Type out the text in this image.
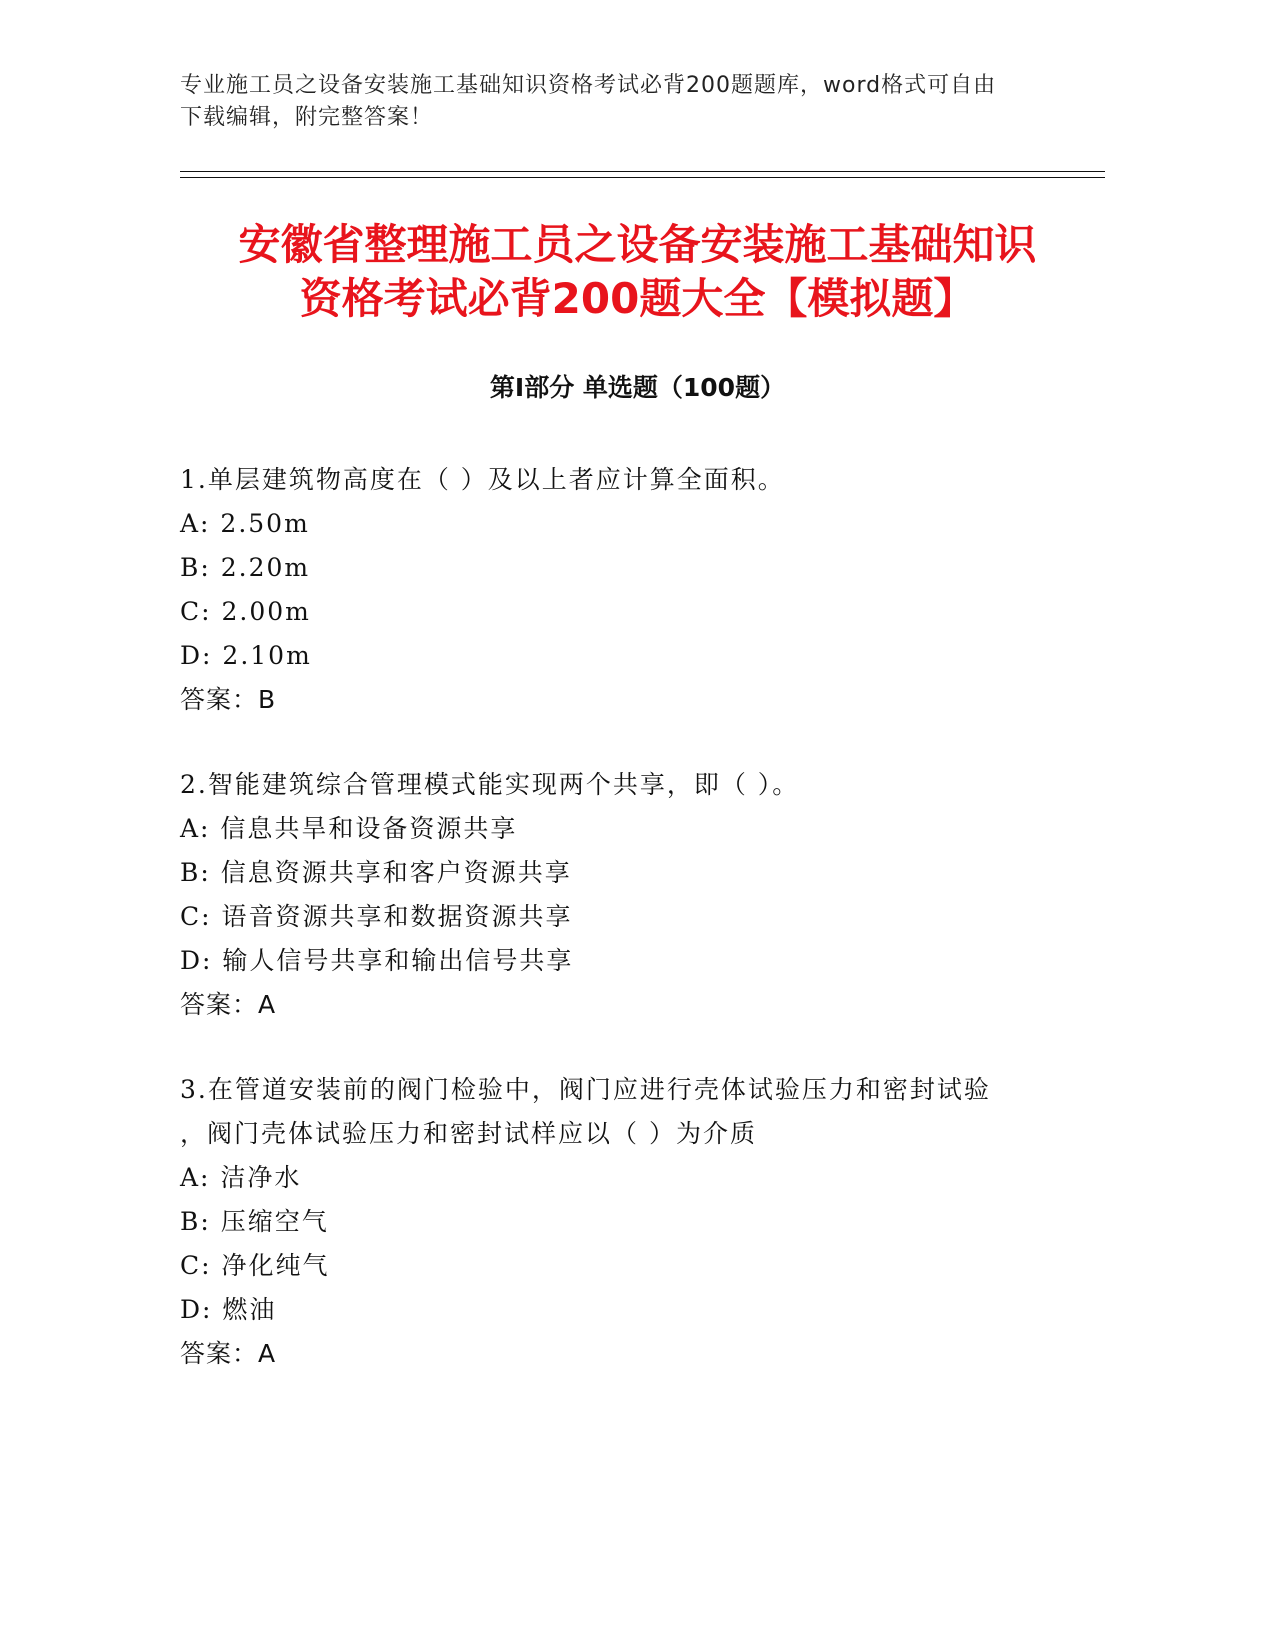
专业施工员之设备安装施工基础知识资格考试必背200题题库，word格式可自由
下载编辑，附完整答案！
安徽省整理施工员之设备安装施工基础知识
资格考试必背200题大全【模拟题】
第Ⅰ部分 单选题（100题）
1.单层建筑物高度在（ ）及以上者应计算全面积。
A: 2.50m
B: 2.20m
C: 2.00m
D: 2.10m
答案：B
2.智能建筑综合管理模式能实现两个共享，即（ ）。
A: 信息共旱和设备资源共享
B: 信息资源共享和客户资源共享
C: 语音资源共享和数据资源共享
D: 输人信号共享和输出信号共享
答案：A
3.在管道安装前的阀门检验中，阀门应进行壳体试验压力和密封试验
，阀门壳体试验压力和密封试样应以（ ）为介质
A: 洁净水
B: 压缩空气
C: 净化纯气
D: 燃油
答案：A
